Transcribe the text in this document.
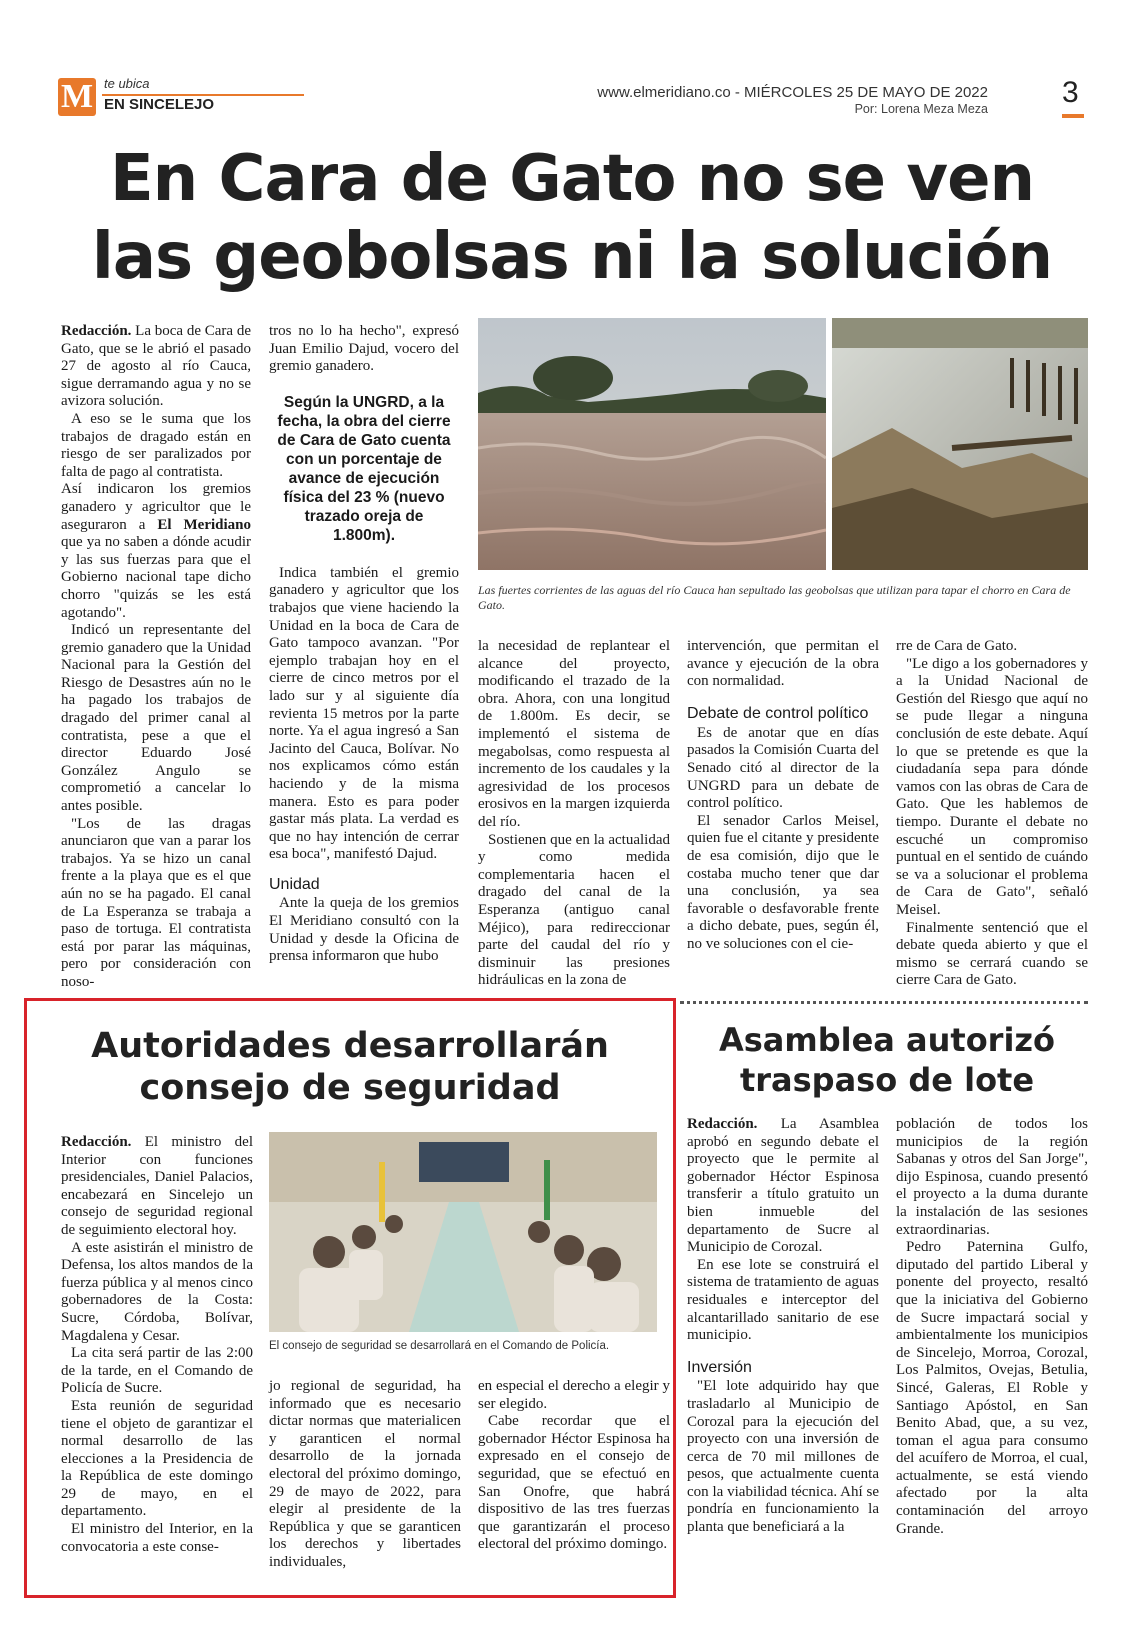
M te ubica
EN SINCELEJO
www.elmeridiano.co - MIÉRCOLES 25 DE MAYO DE 2022
Por: Lorena Meza Meza 3
En Cara de Gato no se ven
las geobolsas ni la solución

Redacción. La boca de Cara de Gato, que se le abrió el pasado 27 de agosto al río Cauca, sigue derramando agua y no se avizora solución.

A eso se le suma que los trabajos de dragado están en riesgo de ser paralizados por falta de pago al contratista.

Así indicaron los gremios ganadero y agricultor que le aseguraron a El Meridiano que ya no saben a dónde acudir y las sus fuerzas para que el Gobierno nacional tape dicho chorro "quizás se les está agotando".

Indicó un representante del gremio ganadero que la Unidad Nacional para la Gestión del Riesgo de Desastres aún no le ha pagado los trabajos de dragado del primer canal al contratista, pese a que el director Eduardo José González Angulo se comprometió a cancelar lo antes posible.

"Los de las dragas anunciaron que van a parar los trabajos. Ya se hizo un canal frente a la playa que es el que aún no se ha pagado. El canal de La Esperanza se trabaja a paso de tortuga. El contratista está por parar las máquinas, pero por consideración con noso-

tros no lo ha hecho", expresó Juan Emilio Dajud, vocero del gremio ganadero.

Según la UNGRD, a la fecha, la obra del cierre de Cara de Gato cuenta con un porcentaje de avance de ejecución física del 23 % (nuevo trazado oreja de 1.800m).

Indica también el gremio ganadero y agricultor que los trabajos que viene haciendo la Unidad en la boca de Cara de Gato tampoco avanzan. "Por ejemplo trabajan hoy en el cierre de cinco metros por el lado sur y al siguiente día revienta 15 metros por la parte norte. Ya el agua ingresó a San Jacinto del Cauca, Bolívar. No nos explicamos cómo están haciendo y de la misma manera. Esto es para poder gastar más plata. La verdad es que no hay intención de cerrar esa boca", manifestó Dajud.

Unidad

Ante la queja de los gremios El Meridiano consultó con la Unidad y desde la Oficina de prensa informaron que hubo

Las fuertes corrientes de las aguas del río Cauca han sepultado las geobolsas que utilizan para tapar el chorro en Cara de Gato.

la necesidad de replantear el alcance del proyecto, modificando el trazado de la obra. Ahora, con una longitud de 1.800m. Es decir, se implementó el sistema de megabolsas, como respuesta al incremento de los caudales y la agresividad de los procesos erosivos en la margen izquierda del río.

Sostienen que en la actualidad y como medida complementaria hacen el dragado del canal de la Esperanza (antiguo canal Méjico), para redireccionar parte del caudal del río y disminuir las presiones hidráulicas en la zona de

intervención, que permitan el avance y ejecución de la obra con normalidad.

Debate de control político

Es de anotar que en días pasados la Comisión Cuarta del Senado citó al director de la UNGRD para un debate de control político.

El senador Carlos Meisel, quien fue el citante y presidente de esa comisión, dijo que le costaba mucho tener que dar una conclusión, ya sea favorable o desfavorable frente a dicho debate, pues, según él, no ve soluciones con el cie-

rre de Cara de Gato.

"Le digo a los gobernadores y a la Unidad Nacional de Gestión del Riesgo que aquí no se pude llegar a ninguna conclusión de este debate. Aquí lo que se pretende es que la ciudadanía sepa para dónde vamos con las obras de Cara de Gato. Que les hablemos de tiempo. Durante el debate no escuché un compromiso puntual en el sentido de cuándo se va a solucionar el problema de Cara de Gato", señaló Meisel.

Finalmente sentenció que el debate queda abierto y que el mismo se cerrará cuando se cierre Cara de Gato.

Autoridades desarrollarán
consejo de seguridad

Redacción. El ministro del Interior con funciones presidenciales, Daniel Palacios, encabezará en Sincelejo un consejo de seguridad regional de seguimiento electoral hoy.

A este asistirán el ministro de Defensa, los altos mandos de la fuerza pública y al menos cinco gobernadores de la Costa: Sucre, Córdoba, Bolívar, Magdalena y Cesar.

La cita será partir de las 2:00 de la tarde, en el Comando de Policía de Sucre.

Esta reunión de seguridad tiene el objeto de garantizar el normal desarrollo de las elecciones a la Presidencia de la República de este domingo 29 de mayo, en el departamento.

El ministro del Interior, en la convocatoria a este conse-

El consejo de seguridad se desarrollará en el Comando de Policía.

jo regional de seguridad, ha informado que es necesario dictar normas que materialicen y garanticen el normal desarrollo de la jornada electoral del próximo domingo, 29 de mayo de 2022, para elegir al presidente de la República y que se garanticen los derechos y libertades individuales,

en especial el derecho a elegir y ser elegido.

Cabe recordar que el gobernador Héctor Espinosa ha expresado en el consejo de seguridad, que se efectuó en San Onofre, que habrá dispositivo de las tres fuerzas que garantizarán el proceso electoral del próximo domingo.

Asamblea autorizó
traspaso de lote

Redacción. La Asamblea aprobó en segundo debate el proyecto que le permite al gobernador Héctor Espinosa transferir a título gratuito un bien inmueble del departamento de Sucre al Municipio de Corozal.

En ese lote se construirá el sistema de tratamiento de aguas residuales e interceptor del alcantarillado sanitario de ese municipio.

Inversión

"El lote adquirido hay que trasladarlo al Municipio de Corozal para la ejecución del proyecto con una inversión de cerca de 70 mil millones de pesos, que actualmente cuenta con la viabilidad técnica. Ahí se pondría en funcionamiento la planta que beneficiará a la

población de todos los municipios de la región Sabanas y otros del San Jorge", dijo Espinosa, cuando presentó el proyecto a la duma durante la instalación de las sesiones extraordinarias.

Pedro Paternina Gulfo, diputado del partido Liberal y ponente del proyecto, resaltó que la iniciativa del Gobierno de Sucre impactará social y ambientalmente los municipios de Sincelejo, Morroa, Corozal, Los Palmitos, Ovejas, Betulia, Sincé, Galeras, El Roble y Santiago Apóstol, en San Benito Abad, que, a su vez, toman el agua para consumo del acuífero de Morroa, el cual, actualmente, se está viendo afectado por la alta contaminación del arroyo Grande.
